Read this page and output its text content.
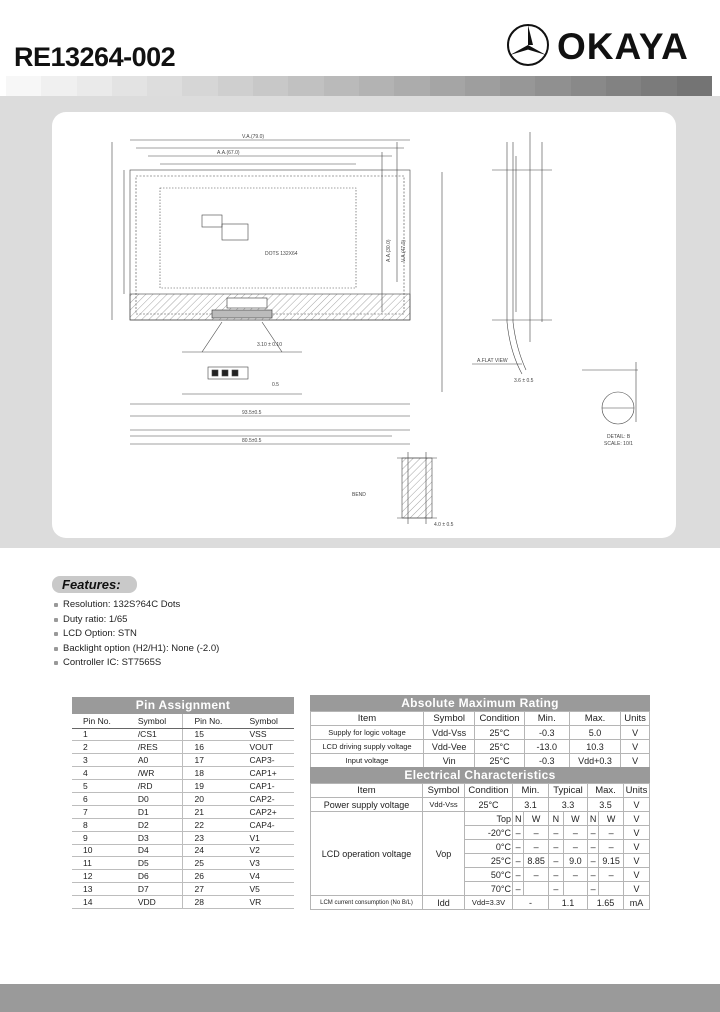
RE13264-002	OKAYA
V.A.(79.0)
A.A.(67.0)
DOTS 132X64
93.5±0.5
80.5±0.5
DETAIL: B
SCALE: 10/1
BEND
4.0 ± 0.5
0.5
3.10 ± 0.10
A.FLAT VIEW
3.6 ± 0.5
A.A.(30.0) V.A.(47.0)
Features:
Resolution: 132S?64C Dots
Duty ratio: 1/65
LCD Option: STN
Backlight option (H2/H1): None (-2.0)
Controller IC: ST7565S
Pin Assignment
Pin No.	Symbol	Pin No.	Symbol
1	/CS1	15	VSS
2	/RES	16	VOUT
3	A0	17	CAP3-
4	/WR	18	CAP1+
5	/RD	19	CAP1-
6	D0	20	CAP2-
7	D1	21	CAP2+
8	D2	22	CAP4-
9	D3	23	V1
10	D4	24	V2
11	D5	25	V3
12	D6	26	V4
13	D7	27	V5
14	VDD	28	VR
Absolute Maximum Rating
Item	Symbol	Condition	Min.	Max.	Units
Supply for logic voltage	Vdd-Vss	25°C	-0.3	5.0	V
LCD driving supply voltage	Vdd-Vee	25°C	-13.0	10.3	V
Input voltage	Vin	25°C	-0.3	Vdd+0.3	V
Electrical Characteristics
Item	Symbol	Condition	Min.		Typical		Max.		Units
Power supply voltage	Vdd-Vss	25°C	3.1		3.3		3.5		V
LCD operation voltage	Vop	Top	N	W	N	W	N	W	V
		-20°C	–	–	–	–	–	–	V
		0°C	–	–	–	–	–	–	V
		25°C	–	8.85	–	9.0	–	9.15	V
		50°C	–	–	–	–	–	–	V
		70°C	–		–		–		V
LCM current consumption (No B/L)	Idd	Vdd=3.3V	-		1.1		1.65		mA
